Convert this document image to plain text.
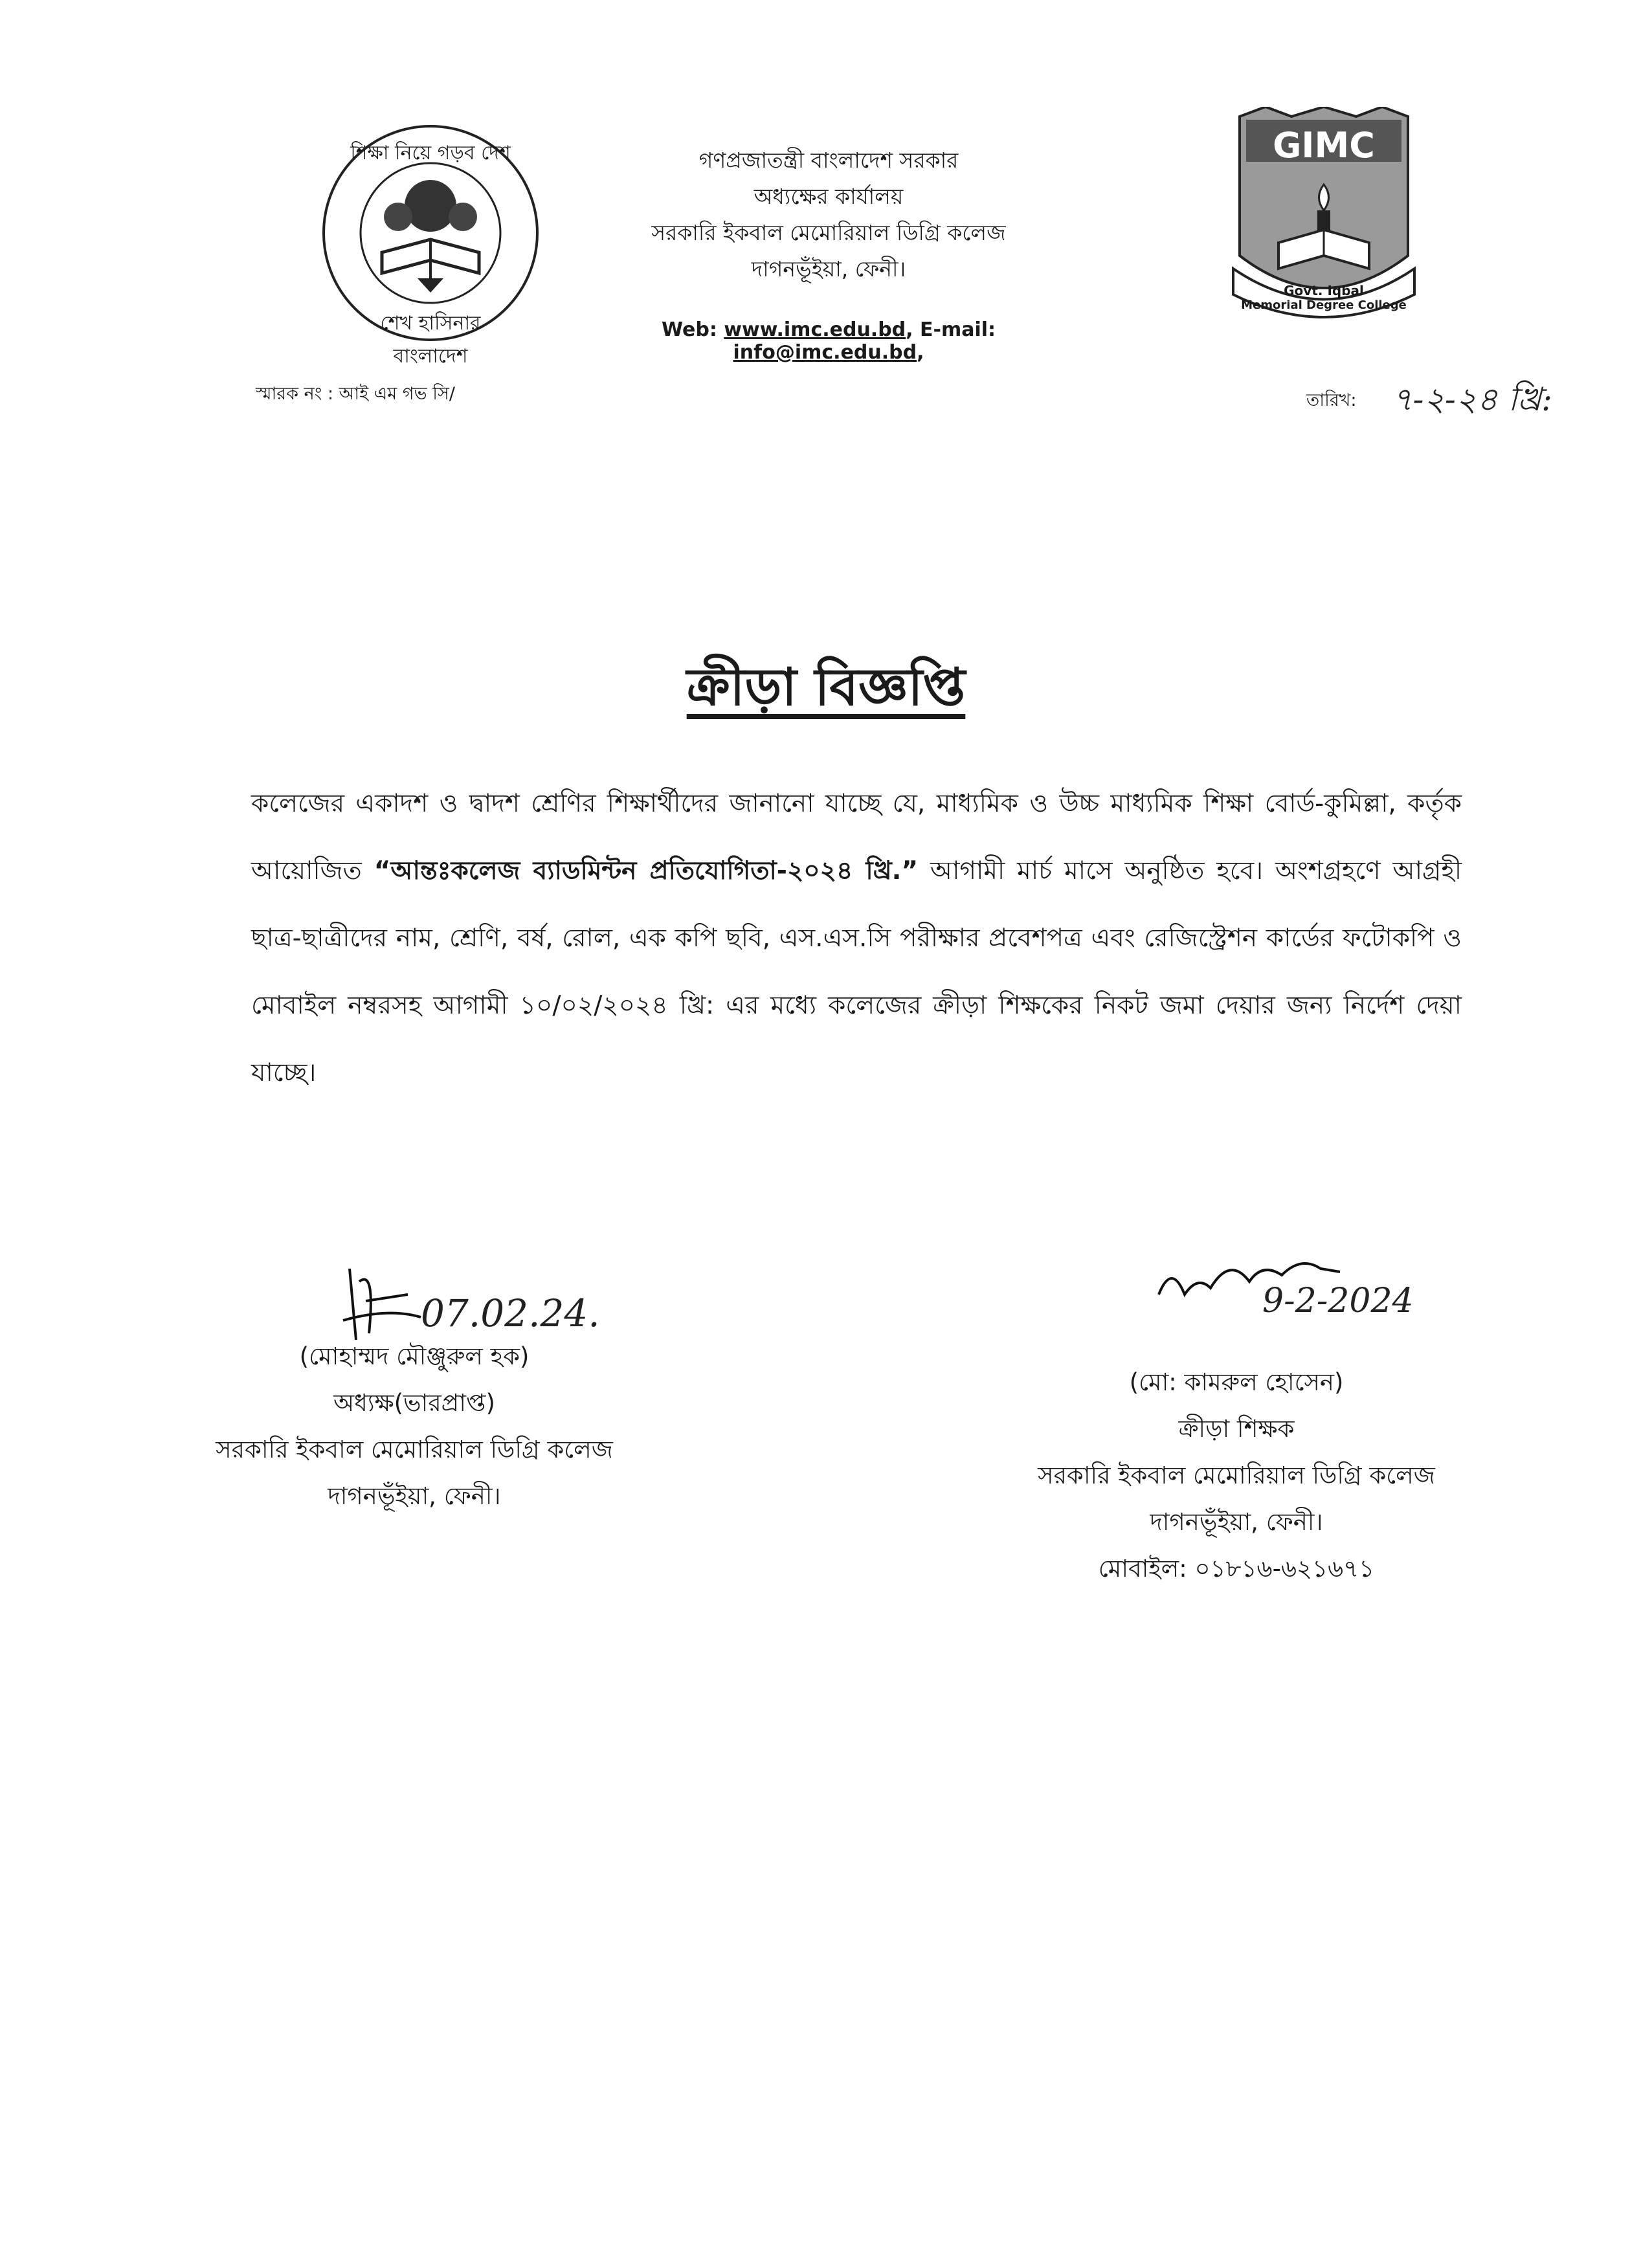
শিক্ষা নিয়ে গড়ব দেশ
শেখ হাসিনার বাংলাদেশ
গণপ্রজাতন্ত্রী বাংলাদেশ সরকার
অধ্যক্ষের কার্যালয়
সরকারি ইকবাল মেমোরিয়াল ডিগ্রি কলেজ
দাগনভূঁইয়া, ফেনী।
Web: www.imc.edu.bd, E-mail: info@imc.edu.bd,
GIMC
Govt. Iqbal
Memorial Degree College
স্মারক নং : আই এম গভ সি/	তারিখ: ৭-২-২৪ খ্রি:
ক্রীড়া বিজ্ঞপ্তি
কলেজের একাদশ ও দ্বাদশ শ্রেণির শিক্ষার্থীদের জানানো যাচ্ছে যে, মাধ্যমিক ও উচ্চ মাধ্যমিক শিক্ষা বোর্ড-কুমিল্লা, কর্তৃক আয়োজিত “আন্তঃকলেজ ব্যাডমিন্টন প্রতিযোগিতা-২০২৪ খ্রি.” আগামী মার্চ মাসে অনুষ্ঠিত হবে। অংশগ্রহণে আগ্রহী ছাত্র-ছাত্রীদের নাম, শ্রেণি, বর্ষ, রোল, এক কপি ছবি, এস.এস.সি পরীক্ষার প্রবেশপত্র এবং রেজিস্ট্রেশন কার্ডের ফটোকপি ও মোবাইল নম্বরসহ আগামী ১০/০২/২০২৪ খ্রি: এর মধ্যে কলেজের ক্রীড়া শিক্ষকের নিকট জমা দেয়ার জন্য নির্দেশ দেয়া যাচ্ছে।
07.02.24.
(মোহাম্মদ মৌঞ্জুরুল হক)
অধ্যক্ষ(ভারপ্রাপ্ত)
সরকারি ইকবাল মেমোরিয়াল ডিগ্রি কলেজ
দাগনভূঁইয়া, ফেনী।
9-2-2024
(মো: কামরুল হোসেন)
ক্রীড়া শিক্ষক
সরকারি ইকবাল মেমোরিয়াল ডিগ্রি কলেজ
দাগনভূঁইয়া, ফেনী।
মোবাইল: ০১৮১৬-৬২১৬৭১
